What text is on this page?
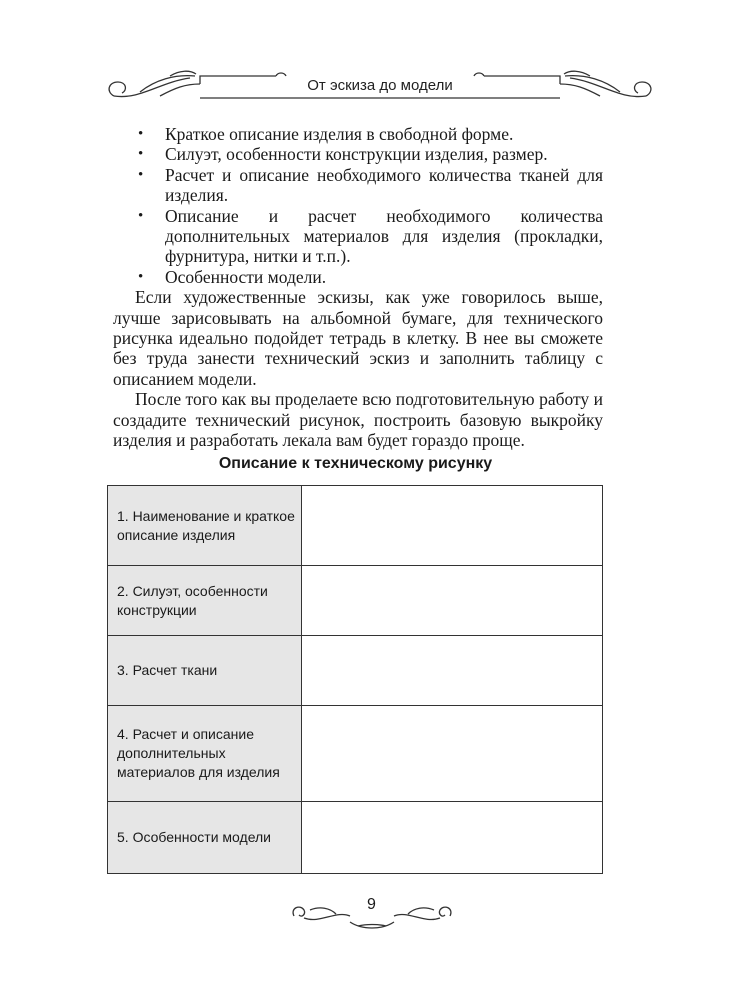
От эскиза до модели
• Краткое описание изделия в свободной форме.
• Силуэт, особенности конструкции изделия, размер.
• Расчет и описание необходимого количества тканей для изделия.
• Описание и расчет необходимого количества дополнительных материалов для изделия (прокладки, фурнитура, нитки и т.п.).
• Особенности модели.

Если художественные эскизы, как уже говорилось выше, лучше зарисовывать на альбомной бумаге, для технического рисунка идеально подойдет тетрадь в клетку. В нее вы сможете без труда занести технический эскиз и заполнить таблицу с описанием модели.

После того как вы проделаете всю подготовительную работу и создадите технический рисунок, построить базовую выкройку изделия и разработать лекала вам будет гораздо проще.

Описание к техническому рисунку
1. Наименование и краткое описание изделия	
2. Силуэт, особенности конструкции	
3. Расчет ткани	
4. Расчет и описание дополнительных материалов для изделия	
5. Особенности модели	
9
